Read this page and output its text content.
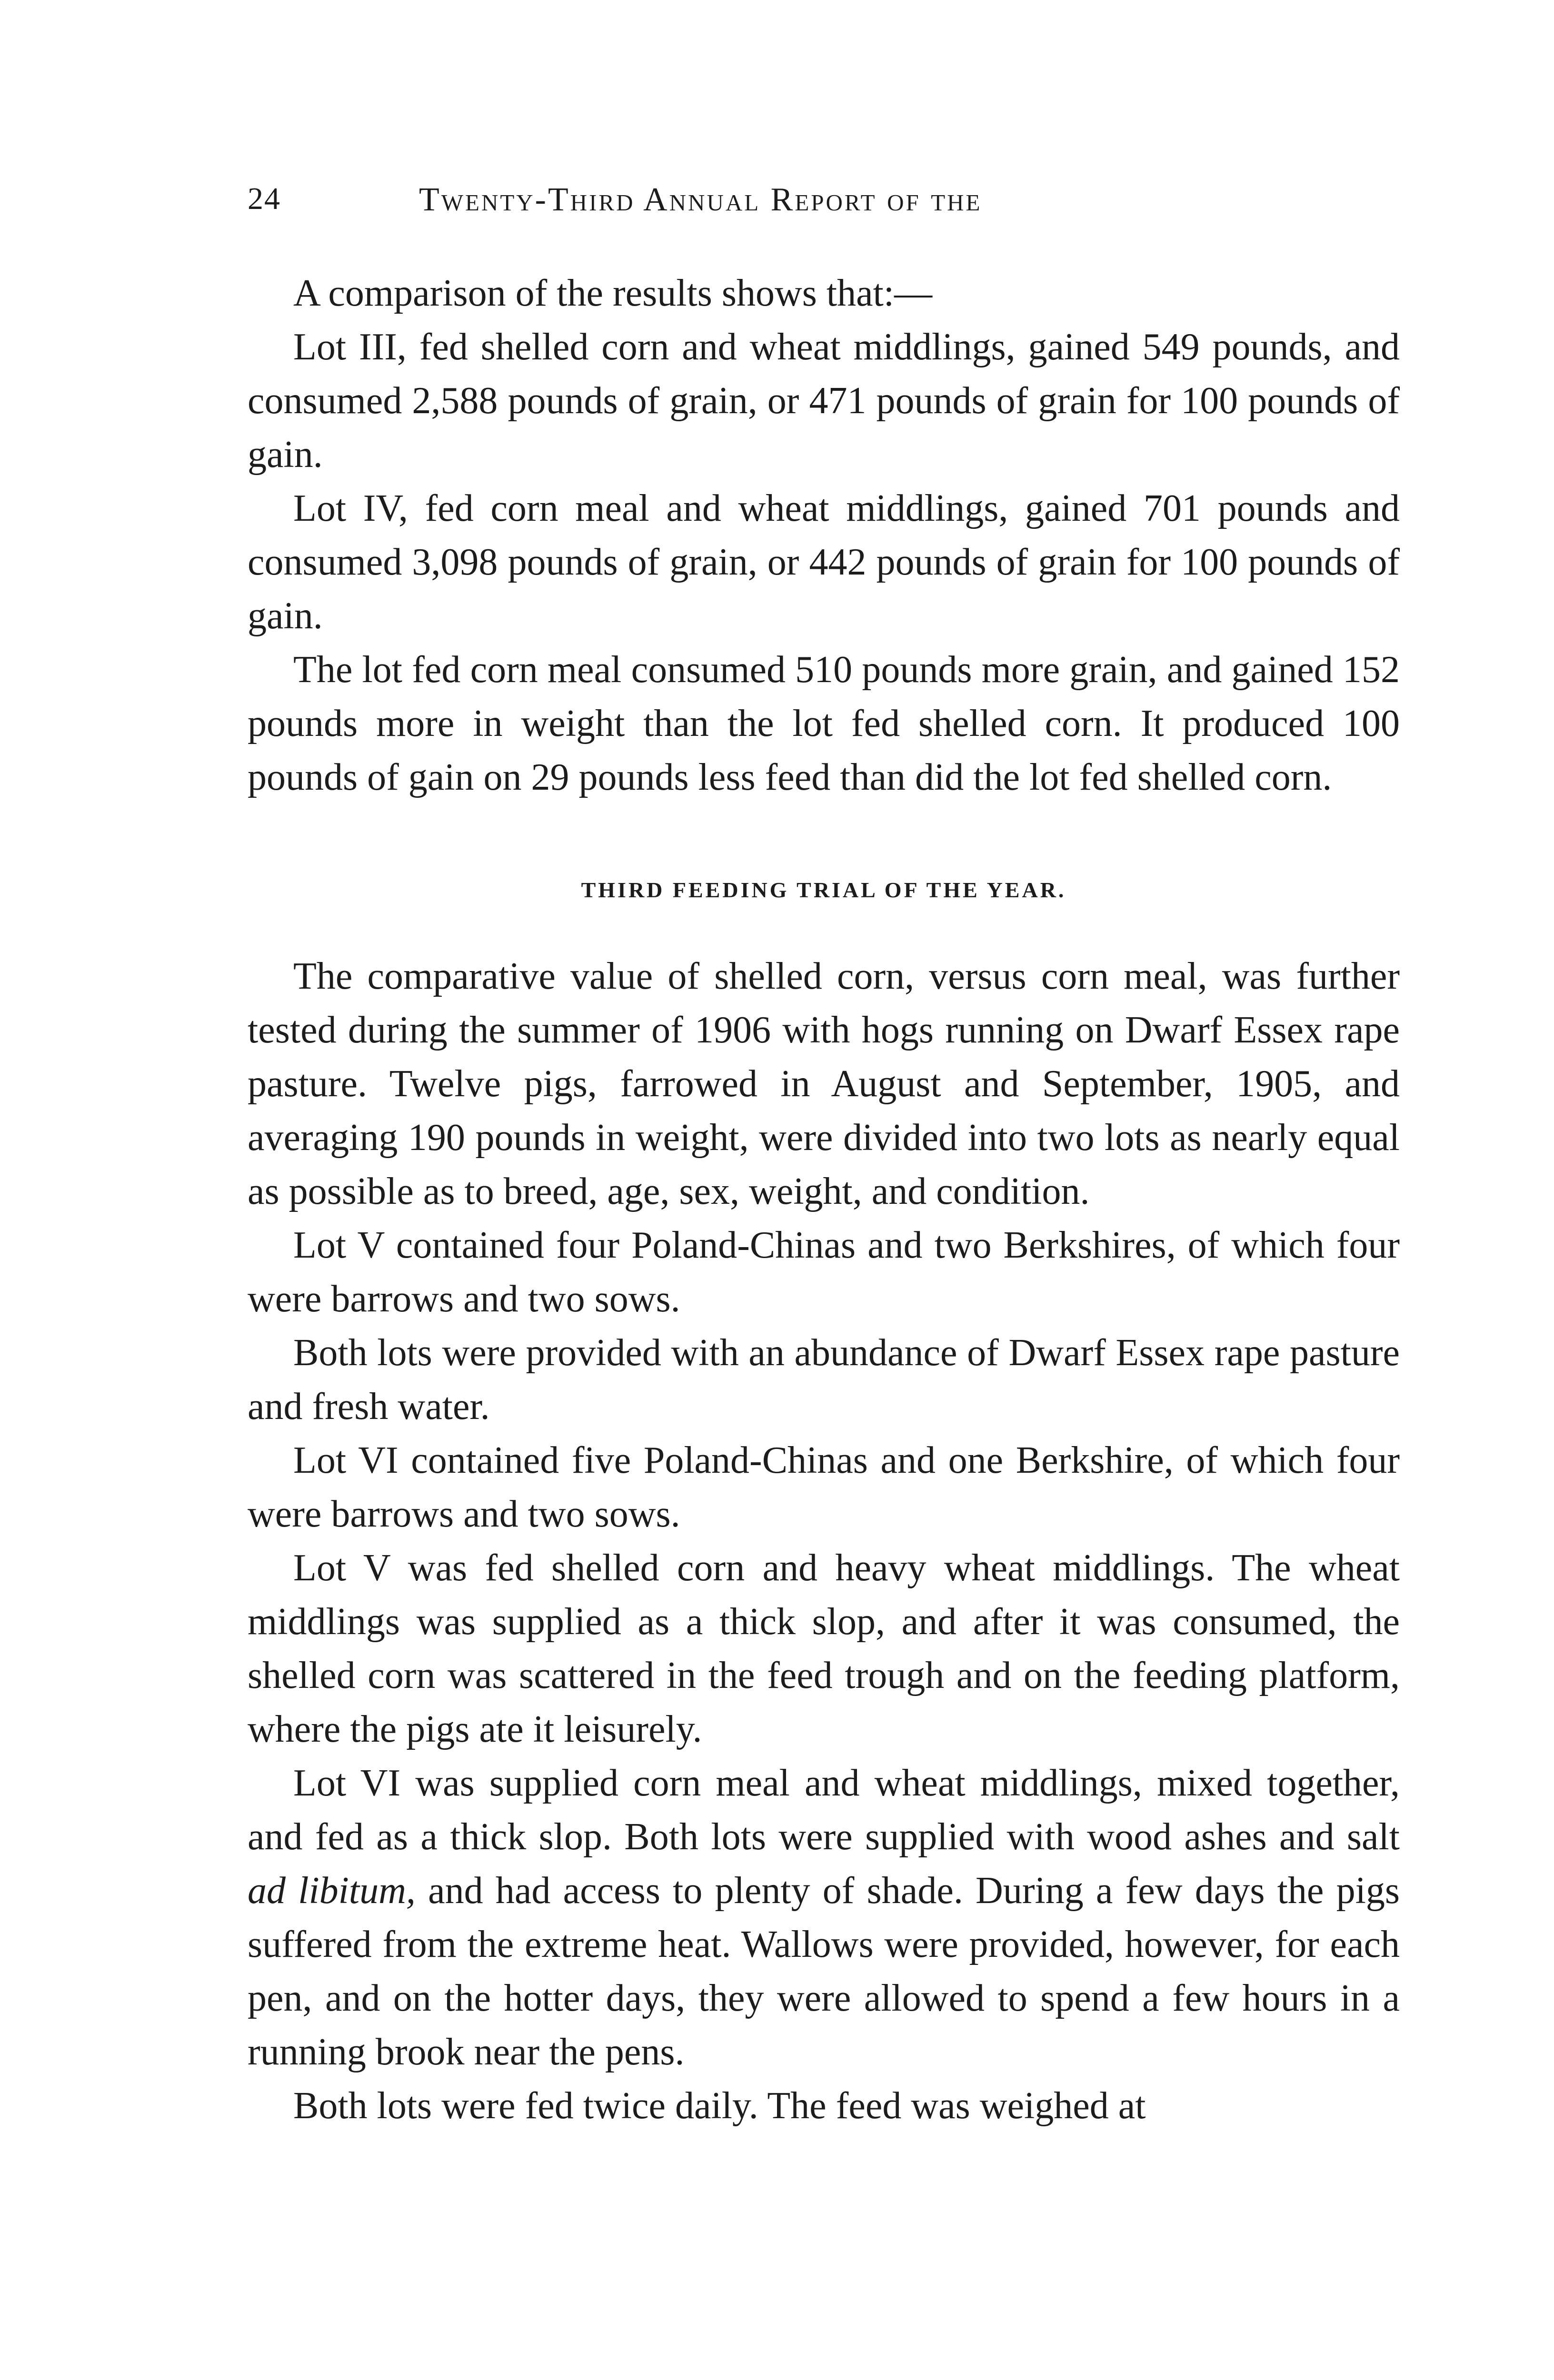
24	Twenty-Third Annual Report of the

A comparison of the results shows that:—

Lot III, fed shelled corn and wheat middlings, gained 549 pounds, and consumed 2,588 pounds of grain, or 471 pounds of grain for 100 pounds of gain.

Lot IV, fed corn meal and wheat middlings, gained 701 pounds and consumed 3,098 pounds of grain, or 442 pounds of grain for 100 pounds of gain.

The lot fed corn meal consumed 510 pounds more grain, and gained 152 pounds more in weight than the lot fed shelled corn. It produced 100 pounds of gain on 29 pounds less feed than did the lot fed shelled corn.

THIRD FEEDING TRIAL OF THE YEAR.

The comparative value of shelled corn, versus corn meal, was further tested during the summer of 1906 with hogs running on Dwarf Essex rape pasture. Twelve pigs, farrowed in August and September, 1905, and averaging 190 pounds in weight, were divided into two lots as nearly equal as possible as to breed, age, sex, weight, and condition.

Lot V contained four Poland-Chinas and two Berkshires, of which four were barrows and two sows.

Both lots were provided with an abundance of Dwarf Essex rape pasture and fresh water.

Lot VI contained five Poland-Chinas and one Berkshire, of which four were barrows and two sows.

Lot V was fed shelled corn and heavy wheat middlings. The wheat middlings was supplied as a thick slop, and after it was consumed, the shelled corn was scattered in the feed trough and on the feeding platform, where the pigs ate it leisurely.

Lot VI was supplied corn meal and wheat middlings, mixed together, and fed as a thick slop. Both lots were supplied with wood ashes and salt ad libitum, and had access to plenty of shade. During a few days the pigs suffered from the extreme heat. Wallows were provided, however, for each pen, and on the hotter days, they were allowed to spend a few hours in a running brook near the pens.

Both lots were fed twice daily. The feed was weighed at
